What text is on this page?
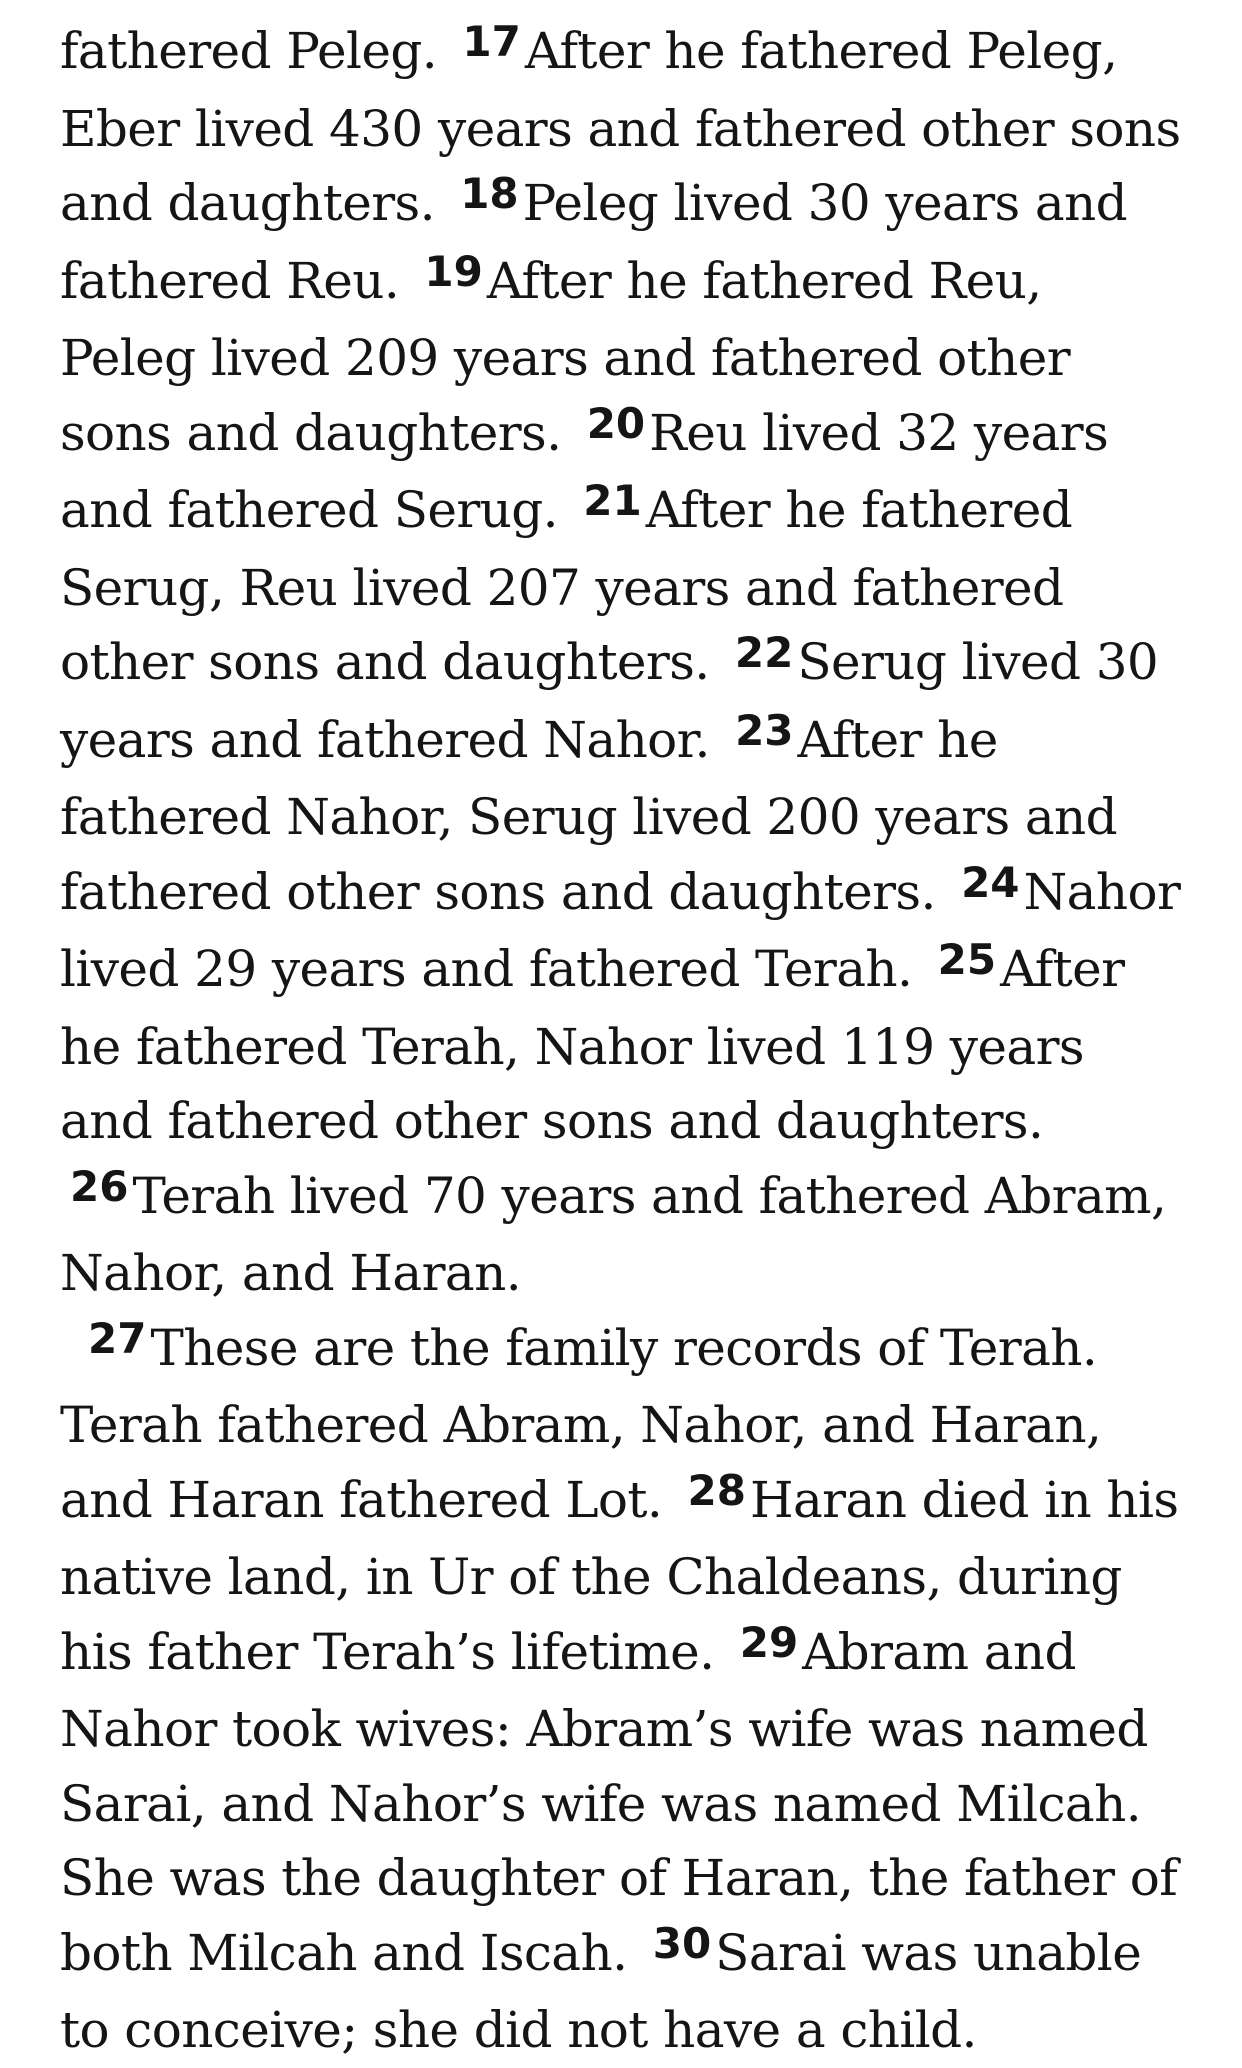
fathered Peleg. $^{17}$After he fathered Peleg, Eber lived 430 years and fathered other sons and daughters. $^{18}$Peleg lived 30 years and fathered Reu. $^{19}$After he fathered Reu, Peleg lived 209 years and fathered other sons and daughters. $^{20}$Reu lived 32 years and fathered Serug. $^{21}$After he fathered Serug, Reu lived 207 years and fathered other sons and daughters. $^{22}$Serug lived 30 years and fathered Nahor. $^{23}$After he fathered Nahor, Serug lived 200 years and fathered other sons and daughters. $^{24}$Nahor lived 29 years and fathered Terah. $^{25}$After he fathered Terah, Nahor lived 119 years and fathered other sons and daughters. $^{26}$Terah lived 70 years and fathered Abram, Nahor, and Haran.

$^{27}$These are the family records of Terah. Terah fathered Abram, Nahor, and Haran, and Haran fathered Lot. $^{28}$Haran died in his native land, in Ur of the Chaldeans, during his father Terah’s lifetime. $^{29}$Abram and Nahor took wives: Abram’s wife was named Sarai, and Nahor’s wife was named Milcah. She was the daughter of Haran, the father of both Milcah and Iscah. $^{30}$Sarai was unable to conceive; she did not have a child.
